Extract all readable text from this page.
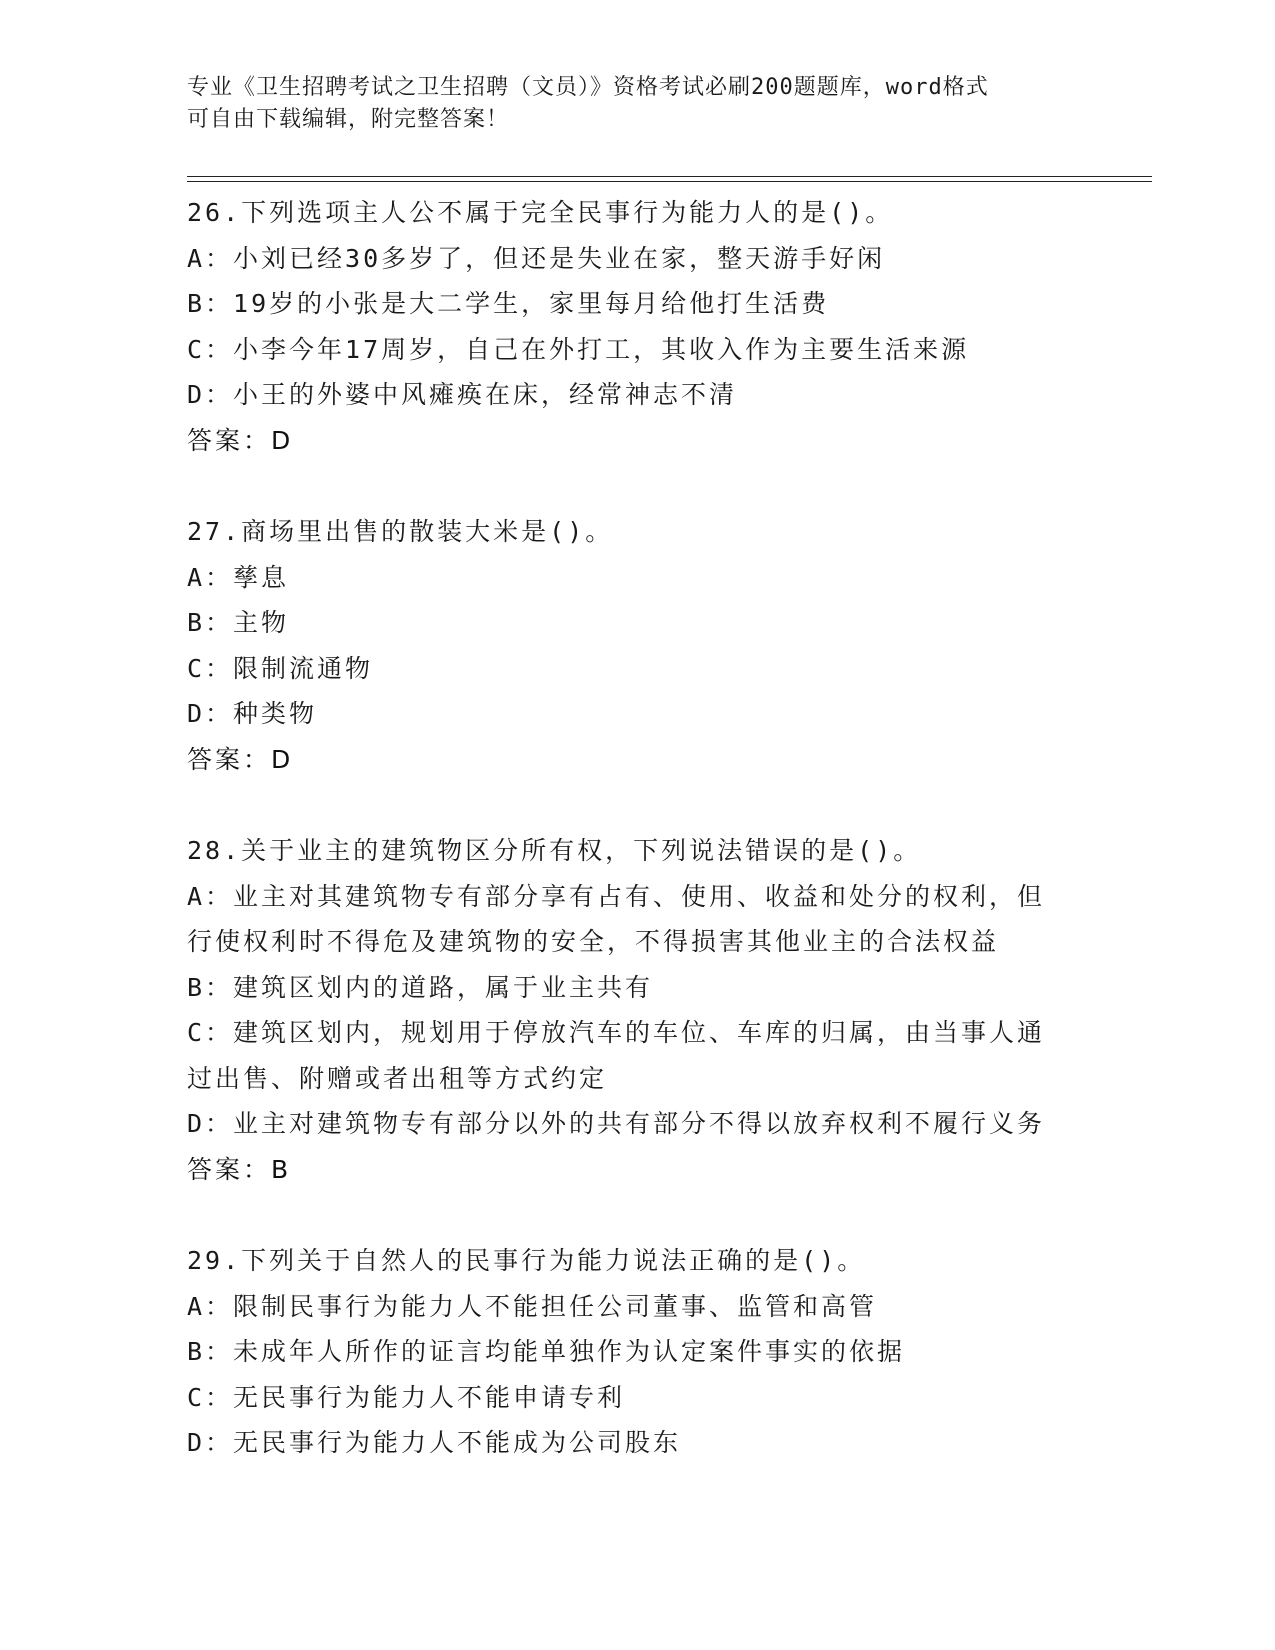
专业《卫生招聘考试之卫生招聘（文员）》资格考试必刷200题题库，word格式
可自由下载编辑，附完整答案！
26.下列选项主人公不属于完全民事行为能力人的是()。
A：小刘已经30多岁了，但还是失业在家，整天游手好闲
B：19岁的小张是大二学生，家里每月给他打生活费
C：小李今年17周岁，自己在外打工，其收入作为主要生活来源
D：小王的外婆中风瘫痪在床，经常神志不清
答案：D
27.商场里出售的散装大米是()。
A：孳息
B：主物
C：限制流通物
D：种类物
答案：D
28.关于业主的建筑物区分所有权，下列说法错误的是()。
A：业主对其建筑物专有部分享有占有、使用、收益和处分的权利，但行使权利时不得危及建筑物的安全，不得损害其他业主的合法权益
B：建筑区划内的道路，属于业主共有
C：建筑区划内，规划用于停放汽车的车位、车库的归属，由当事人通过出售、附赠或者出租等方式约定
D：业主对建筑物专有部分以外的共有部分不得以放弃权利不履行义务
答案：B
29.下列关于自然人的民事行为能力说法正确的是()。
A：限制民事行为能力人不能担任公司董事、监管和高管
B：未成年人所作的证言均能单独作为认定案件事实的依据
C：无民事行为能力人不能申请专利
D：无民事行为能力人不能成为公司股东
